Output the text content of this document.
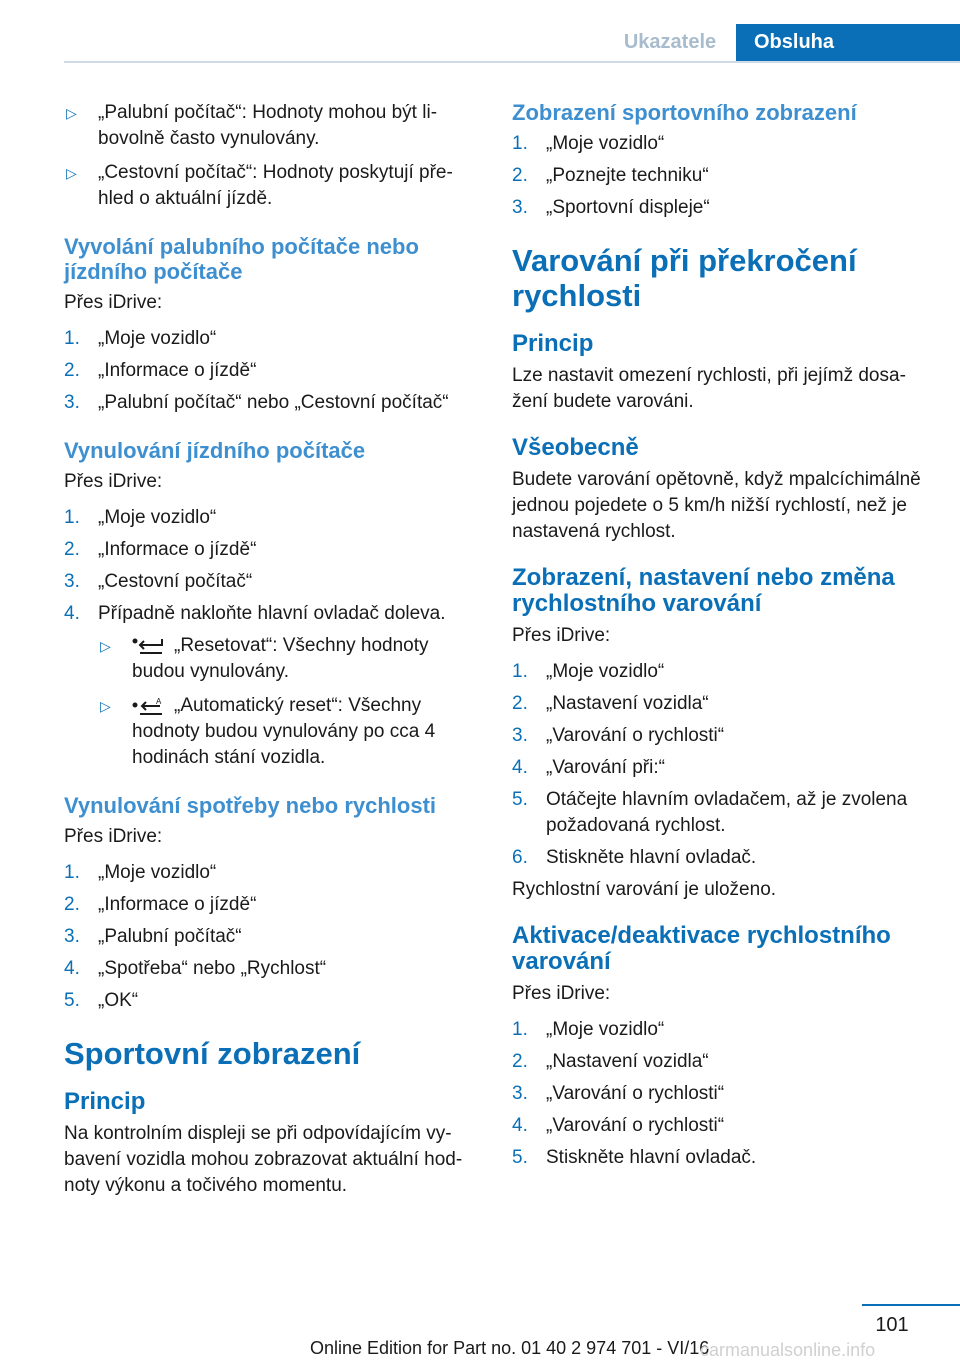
Ukazatele	Obsluha
▷ „Palubní počítač“: Hodnoty mohou být libovolně často vynulovány.
▷ „Cestovní počítač“: Hodnoty poskytují přehled o aktuální jízdě.
Vyvolání palubního počítače nebo jízdního počítače
Přes iDrive:
1. „Moje vozidlo“
2. „Informace o jízdě“
3. „Palubní počítač“ nebo „Cestovní počítač“
Vynulování jízdního počítače
Přes iDrive:
1. „Moje vozidlo“
2. „Informace o jízdě“
3. „Cestovní počítač“
4. Případně nakloňte hlavní ovladač doleva.
▷	„Resetovat“: Všechny hodnoty budou vynulovány.
▷	A „Automatický reset“: Všechny hodnoty budou vynulovány po cca 4 hodinách stání vozidla.
Vynulování spotřeby nebo rychlosti
Přes iDrive:
1. „Moje vozidlo“
2. „Informace o jízdě“
3. „Palubní počítač“
4. „Spotřeba“ nebo „Rychlost“
5. „OK“
Sportovní zobrazení
Princip
Na kontrolním displeji se při odpovídajícím vybavení vozidla mohou zobrazovat aktuální hodnoty výkonu a točivého momentu.
Zobrazení sportovního zobrazení
1. „Moje vozidlo“
2. „Poznejte techniku“
3. „Sportovní displeje“
Varování při překročení rychlosti
Princip
Lze nastavit omezení rychlosti, při jejímž dosažení budete varováni.
Všeobecně
Budete varování opětovně, když mpalcíchimálně jednou pojedete o 5 km/h nižší rychlostí, než je nastavená rychlost.
Zobrazení, nastavení nebo změna rychlostního varování
Přes iDrive:
1. „Moje vozidlo“
2. „Nastavení vozidla“
3. „Varování o rychlosti“
4. „Varování při:“
5. Otáčejte hlavním ovladačem, až je zvolena požadovaná rychlost.
6. Stiskněte hlavní ovladač.
Rychlostní varování je uloženo.
Aktivace/deaktivace rychlostního varování
Přes iDrive:
1. „Moje vozidlo“
2. „Nastavení vozidla“
3. „Varování o rychlosti“
4. „Varování o rychlosti“
5. Stiskněte hlavní ovladač.
101
Online Edition for Part no. 01 40 2 974 701 - VI/16
carmanualsonline.info
